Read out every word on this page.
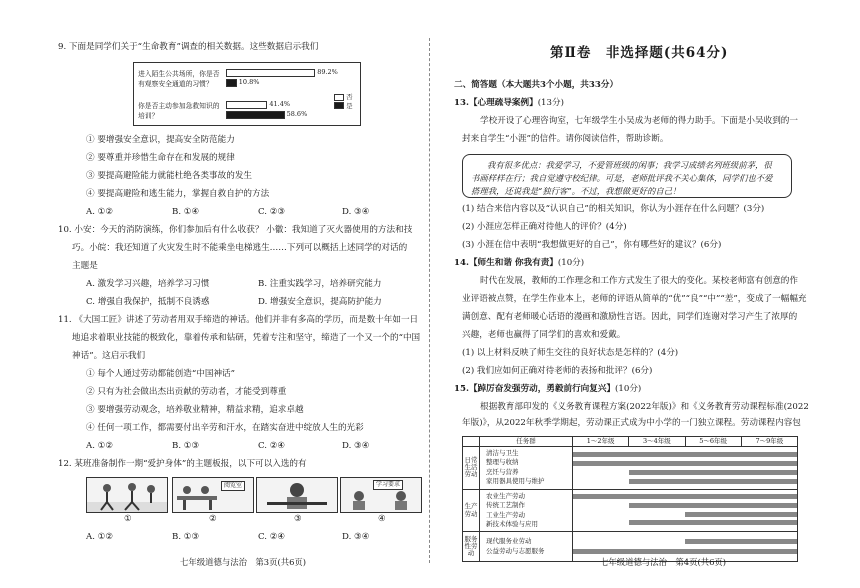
9. 下面是同学们关于“生命教育”调查的相关数据。这些数据启示我们
进入陌生公共场所，你是否有观察安全通道的习惯？
你是否主动参加急救知识的培训？
89.2%
10.8%
41.4%
58.6%
否
是
① 要增强安全意识，提高安全防范能力
② 要尊重并珍惜生命存在和发展的规律
③ 要提高避险能力就能杜绝各类事故的发生
④ 要提高避险和逃生能力，掌握自救自护的方法
A. ①②	B. ①④	C. ②③	D. ③④
10. 小安：今天的消防演练，你们参加后有什么收获？ 小徽：我知道了灭火器使用的方法和技
巧。小皖：我还知道了火灾发生时不能乘坐电梯逃生……下列可以概括上述同学的对话的
主题是
A. 激发学习兴趣，培养学习习惯	B. 注重实践学习，培养研究能力
C. 增强自我保护，抵制不良诱惑	D. 增强安全意识，提高防护能力
11. 《大国工匠》讲述了劳动者用双手缔造的神话。他们并非有多高的学历，而是数十年如一日
地追求着职业技能的极致化，靠着传承和钻研，凭着专注和坚守，缔造了一个又一个的“中国
神话”。这启示我们
① 每个人通过劳动都能创造“中国神话”
② 只有为社会做出杰出贡献的劳动者，才能受到尊重
③ 要增强劳动观念，培养敬业精神，精益求精，追求卓越
④ 任何一项工作，都需要付出辛劳和汗水，在踏实奋进中绽放人生的光彩
A. ①②	B. ①③	C. ②④	D. ③④
12. 某班准备制作一期“爱护身体”的主题板报，以下可以入选的有
阅览室	学习要求
①	②	③	④
A. ①②	B. ①③	C. ②④	D. ③④
七年级道德与法治　第3页(共6页)
第Ⅱ卷　非选择题(共64分)
二、简答题（本大题共3个小题，共33分）
13.【心理疏导案例】(13分)
学校开设了心理咨询室，七年级学生小吴成为老师的得力助手。下面是小吴收到的一
封来自学生“小涯”的信件。请你阅读信件，帮助诊断。
我有很多优点：我爱学习，不爱管班级的闲事；我学习成绩名列班级前茅，很
书画样样在行；我自觉遵守校纪律。可是，老师批评我不关心集体，同学们也不爱
搭理我，还说我是“独行客”。不过，我想做更好的自己！
(1) 结合来信内容以及“认识自己”的相关知识，你认为小涯存在什么问题？(3分)
(2) 小涯应怎样正确对待他人的评价？(4分)
(3) 小涯在信中表明“我想做更好的自己”，你有哪些好的建议？(6分)
14.【师生和谐 你我有责】(10分)
时代在发展，教师的工作理念和工作方式发生了很大的变化。某校老师富有创意的作
业评语被点赞，在学生作业本上，老师的评语从简单的“优”“良”“中”“差”，变成了一幅幅充
满创意、配有老师暖心话语的漫画和激励性言语。因此，同学们连谢对学习产生了浓厚的
兴趣，老师也赢得了同学们的喜欢和爱戴。
(1) 以上材料反映了师生交往的良好状态是怎样的？(4分)
(2) 我们应如何正确对待老师的表扬和批评？(6分)
15.【踔厉奋发强劳动，勇毅前行向复兴】(10分)
根据教育部印发的《义务教育课程方案(2022年版)》和《义务教育劳动课程标准(2022
年版)》，从2022年秋季学期起，劳动课正式成为中小学的一门独立课程。劳动课程内容包
	任务群	1～2年级	3～4年级	5～6年级	7～9年级
日常生活劳动	清洁与卫生
整理与收纳
烹饪与营养
家用器具使用与维护				

生产劳动	农业生产劳动
传统工艺制作
工业生产劳动
新技术体验与应用				

服务性劳动	现代服务业劳动
公益劳动与志愿服务				

七年级道德与法治　第4页(共6页)
